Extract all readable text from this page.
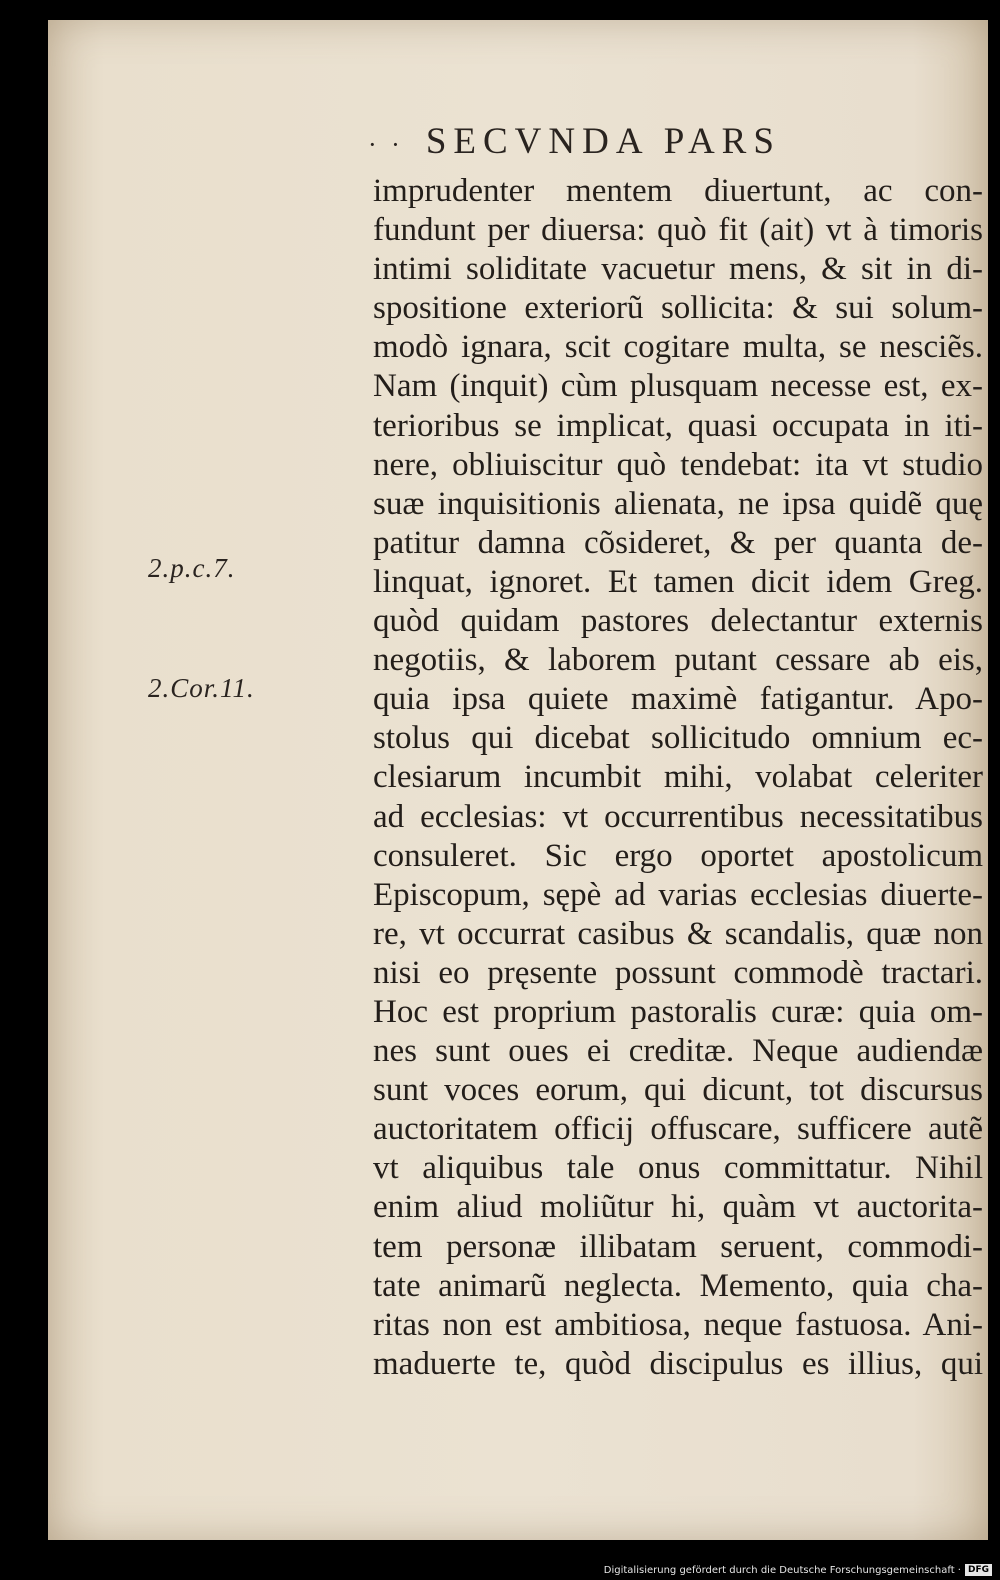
· · SECVNDA PARS
imprudenter mentem diuertunt, ac con-
fundunt per diuersa: quò fit (ait) vt à timoris
intimi soliditate vacuetur mens, & sit in di-
spositione exteriorũ sollicita: & sui solum-
modò ignara, scit cogitare multa, se nesciẽs.
Nam (inquit) cùm plusquam necesse est, ex-
terioribus se implicat, quasi occupata in iti-
nere, obliuiscitur quò tendebat: ita vt studio
suæ inquisitionis alienata, ne ipsa quidẽ quę
patitur damna cõsideret, & per quanta de-
linquat, ignoret. Et tamen dicit idem Greg.
quòd quidam pastores delectantur externis
negotiis, & laborem putant cessare ab eis,
quia ipsa quiete maximè fatigantur. Apo-
stolus qui dicebat sollicitudo omnium ec-
clesiarum incumbit mihi, volabat celeriter
ad ecclesias: vt occurrentibus necessitatibus
consuleret. Sic ergo oportet apostolicum
Episcopum, sępè ad varias ecclesias diuerte-
re, vt occurrat casibus & scandalis, quæ non
nisi eo pręsente possunt commodè tractari.
Hoc est proprium pastoralis curæ: quia om-
nes sunt oues ei creditæ. Neque audiendæ
sunt voces eorum, qui dicunt, tot discursus
auctoritatem officij offuscare, sufficere autẽ
vt aliquibus tale onus committatur. Nihil
enim aliud moliũtur hi, quàm vt auctorita-
tem personæ illibatam seruent, commodi-
tate animarũ neglecta. Memento, quia cha-
ritas non est ambitiosa, neque fastuosa. Ani-
maduerte te, quòd discipulus es illius, qui
2.p.c.7.
2.Cor.11.
Digitalisierung gefördert durch die Deutsche Forschungsgemeinschaft · DFG
